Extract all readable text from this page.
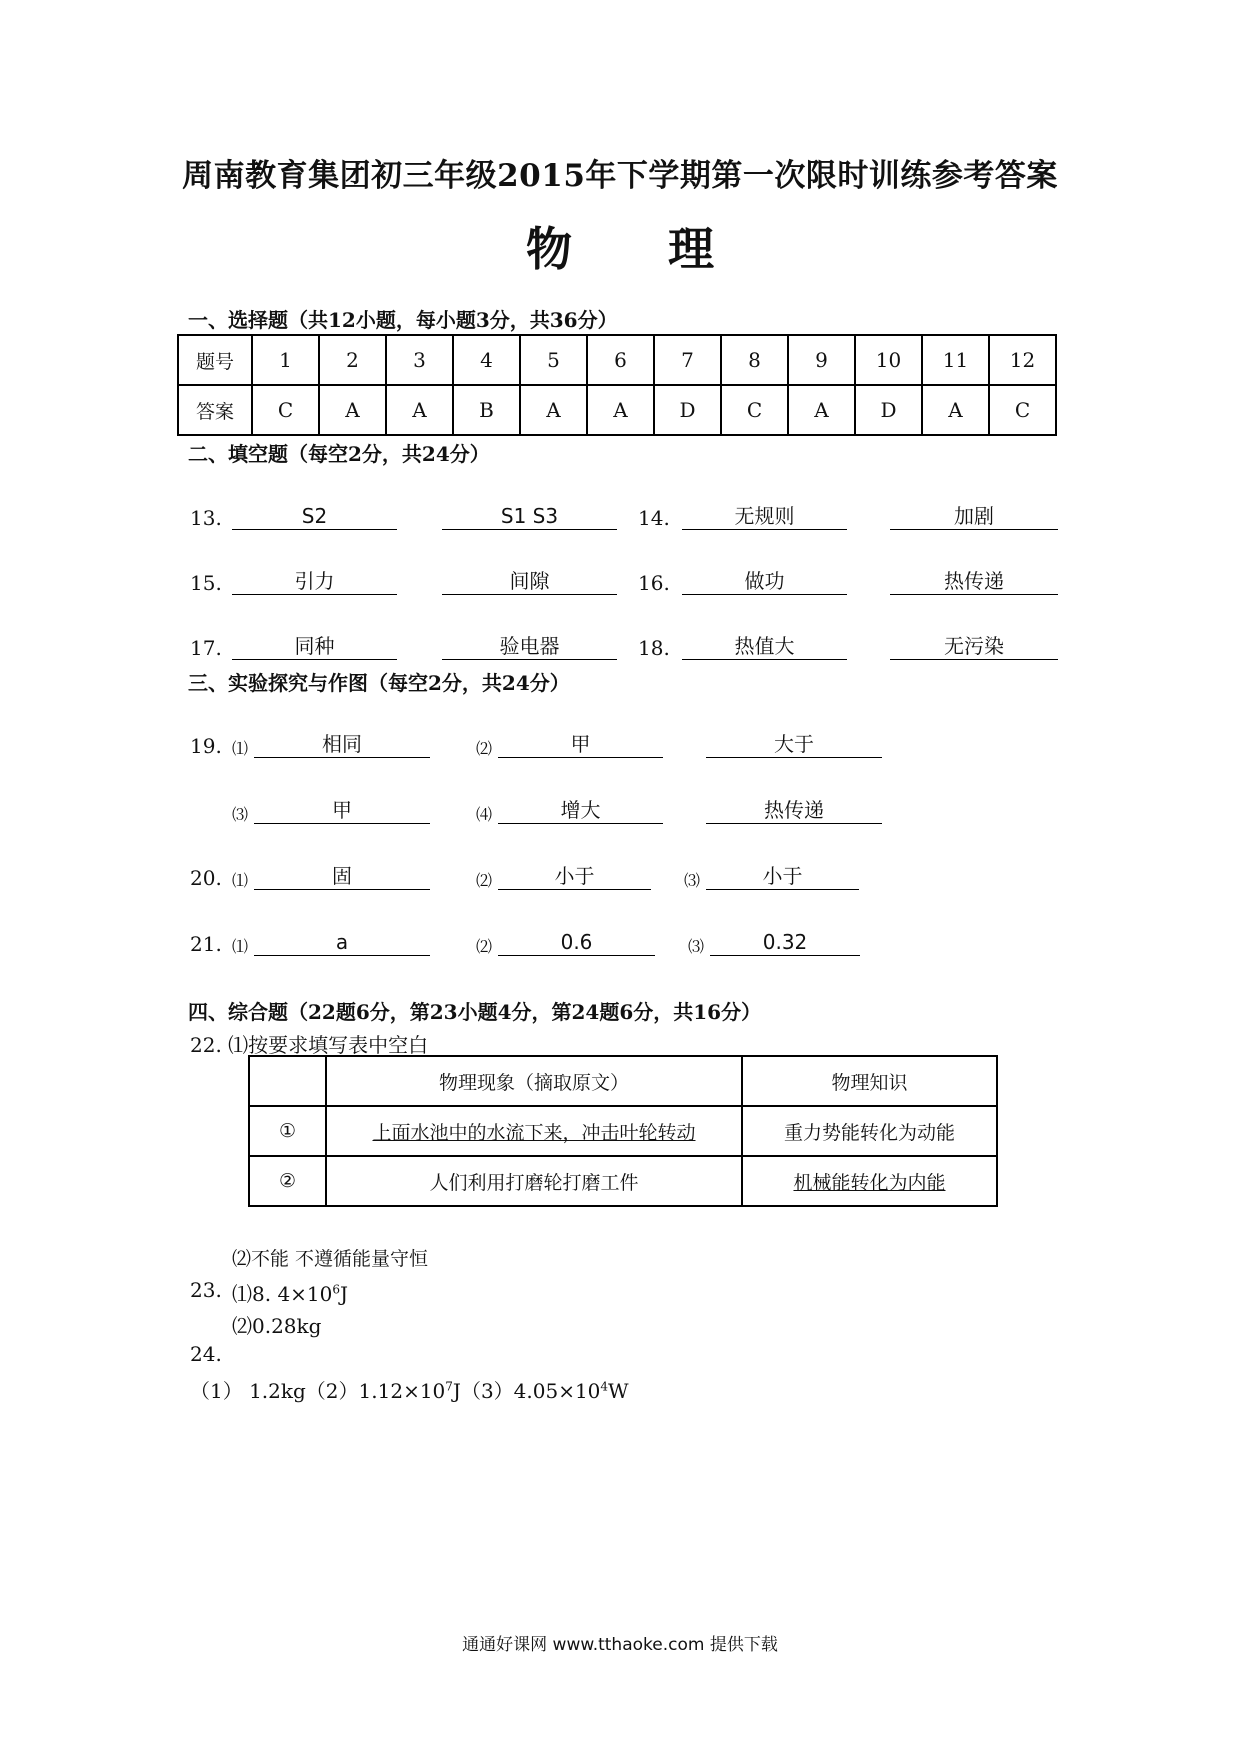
周南教育集团初三年级2015年下学期第一次限时训练参考答案
物 理
一、选择题（共12小题，每小题3分，共36分）
题号	1	2	3	4	5	6	7	8	9	10	11	12
答案	C	A	A	B	A	A	D	C	A	D	A	C
二、填空题（每空2分，共24分）
13.	S2	S1 S3	14.	无规则	加剧
15.	引力	间隙	16.	做功	热传递
17.	同种	验电器	18.	热值大	无污染
三、实验探究与作图（每空2分，共24分）
19. ⑴	相同	⑵	甲	大于
⑶	甲	⑷	增大	热传递
20. ⑴	固	⑵	小于	⑶	小于
21. ⑴	a	⑵	0.6	⑶	0.32
四、综合题（22题6分，第23小题4分，第24题6分，共16分）
22. ⑴按要求填写表中空白
	物理现象（摘取原文）	物理知识
①	上面水池中的水流下来，冲击叶轮转动	重力势能转化为动能
②	人们利用打磨轮打磨工件	机械能转化为内能
⑵不能 不遵循能量守恒
23. ⑴8. $4\times 10^6J$
⑵0.28kg
24.
（1） $1.2kg(2)1.12\times 10^7J(3)4.05\times 10^4W$
通通好课网 www.tthaoke.com 提供下载
